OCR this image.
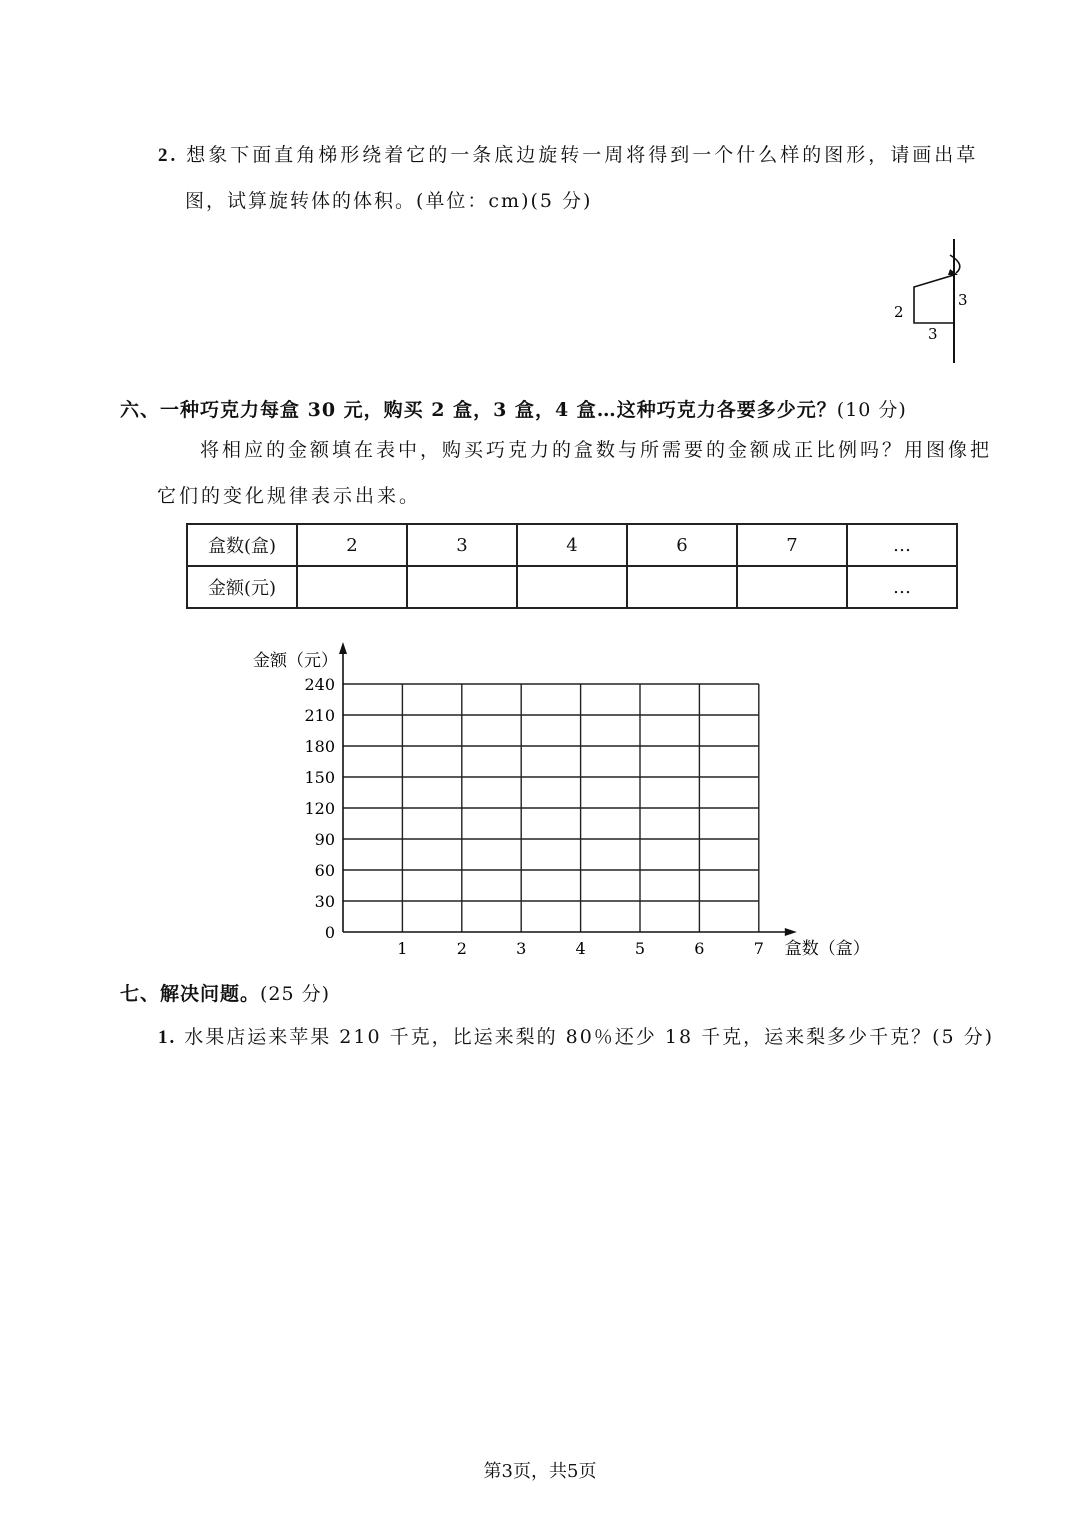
2. 想象下面直角梯形绕着它的一条底边旋转一周将得到一个什么样的图形，请画出草
图，试算旋转体的体积。(单位：cm)(5 分)
2
3
3
六、一种巧克力每盒 30 元，购买 2 盒，3 盒，4 盒…这种巧克力各要多少元？(10 分)
将相应的金额填在表中，购买巧克力的盒数与所需要的金额成正比例吗？用图像把
它们的变化规律表示出来。
盒数(盒)	2	3	4	6	7	…
金额(元)						…
0
30
60
90
120
150
180
210
240
1	2	3	4	5	6	7
金额（元）
盒数（盒）
七、解决问题。(25 分)
1. 水果店运来苹果 210 千克，比运来梨的 80％还少 18 千克，运来梨多少千克？(5 分)
第3页，共5页
